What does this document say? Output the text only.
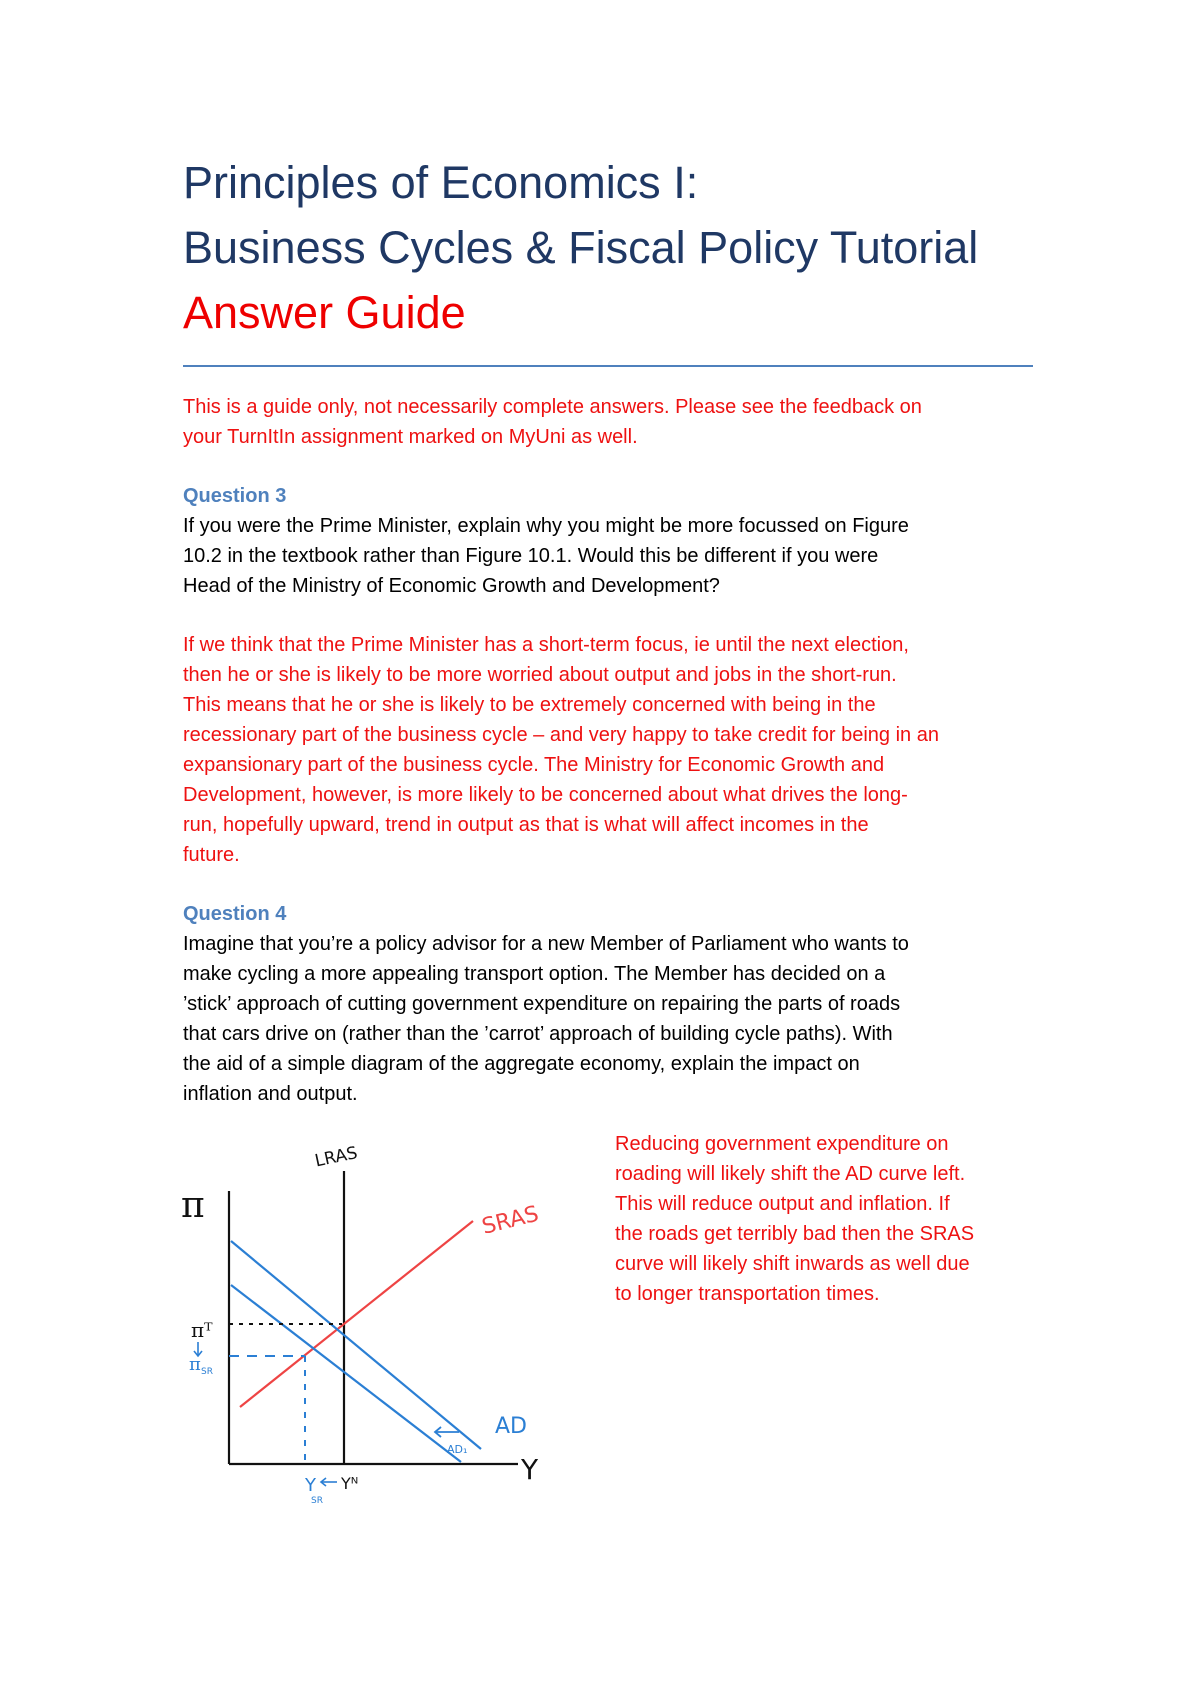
Principles of Economics I:

Business Cycles & Fiscal Policy Tutorial

Answer Guide

This is a guide only, not necessarily complete answers. Please see the feedback on

your TurnItIn assignment marked on MyUni as well.

Question 3

If you were the Prime Minister, explain why you might be more focussed on Figure

10.2 in the textbook rather than Figure 10.1. Would this be different if you were

Head of the Ministry of Economic Growth and Development?

If we think that the Prime Minister has a short-term focus, ie until the next election,

then he or she is likely to be more worried about output and jobs in the short-run.

This means that he or she is likely to be extremely concerned with being in the

recessionary part of the business cycle – and very happy to take credit for being in an

expansionary part of the business cycle. The Ministry for Economic Growth and

Development, however, is more likely to be concerned about what drives the long-

run, hopefully upward, trend in output as that is what will affect incomes in the

future.

Question 4

Imagine that you’re a policy advisor for a new Member of Parliament who wants to

make cycling a more appealing transport option. The Member has decided on a

’stick’ approach of cutting government expenditure on repairing the parts of roads

that cars drive on (rather than the ’carrot’ approach of building cycle paths). With

the aid of a simple diagram of the aggregate economy, explain the impact on

inflation and output.

π
Y
LRAS
SRAS
AD
AD₁
πᵀ
π SR
Yᴺ
Y
SR

Reducing government expenditure on

roading will likely shift the AD curve left.

This will reduce output and inflation. If

the roads get terribly bad then the SRAS

curve will likely shift inwards as well due

to longer transportation times.
